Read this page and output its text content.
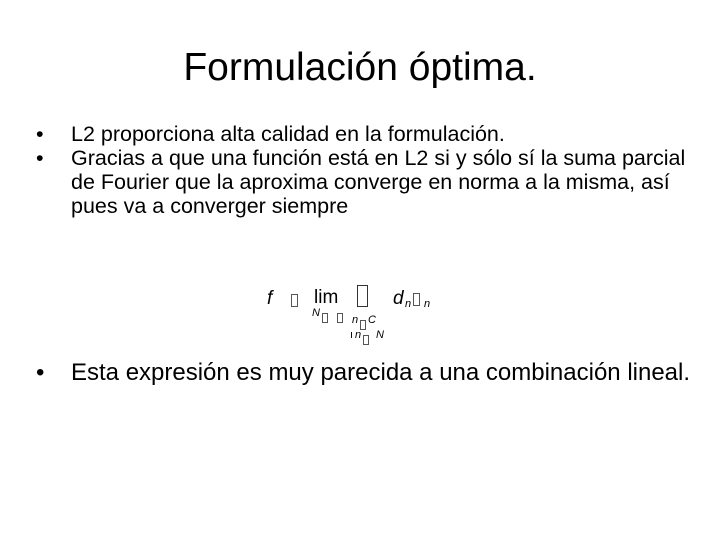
Formulación óptima.
•	L2 proporciona alta calidad en la formulación.
•	Gracias a que una función está en L2 si y sólo sí la suma parcial de Fourier que la aproxima converge en norma a la misma, así pues va a converger siempre
f lim
N
n C
ı n N
d n n
•	Esta expresión es muy parecida a una combinación lineal.
